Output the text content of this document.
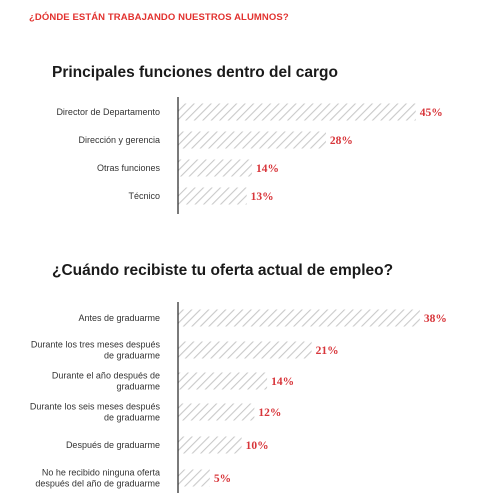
¿DÓNDE ESTÁN TRABAJANDO NUESTROS ALUMNOS?
Principales funciones dentro del cargo
¿Cuándo recibiste tu oferta actual de empleo?
Director de Departamento	45%
Dirección y gerencia	28%
Otras funciones	14%
Técnico	13%
Antes de graduarme	38%
Durante los tres meses después
de graduarme	21%
Durante el año después de
graduarme	14%
Durante los seis meses después
de graduarme	12%
Después de graduarme	10%
No he recibido ninguna oferta
después del año de graduarme	5%
